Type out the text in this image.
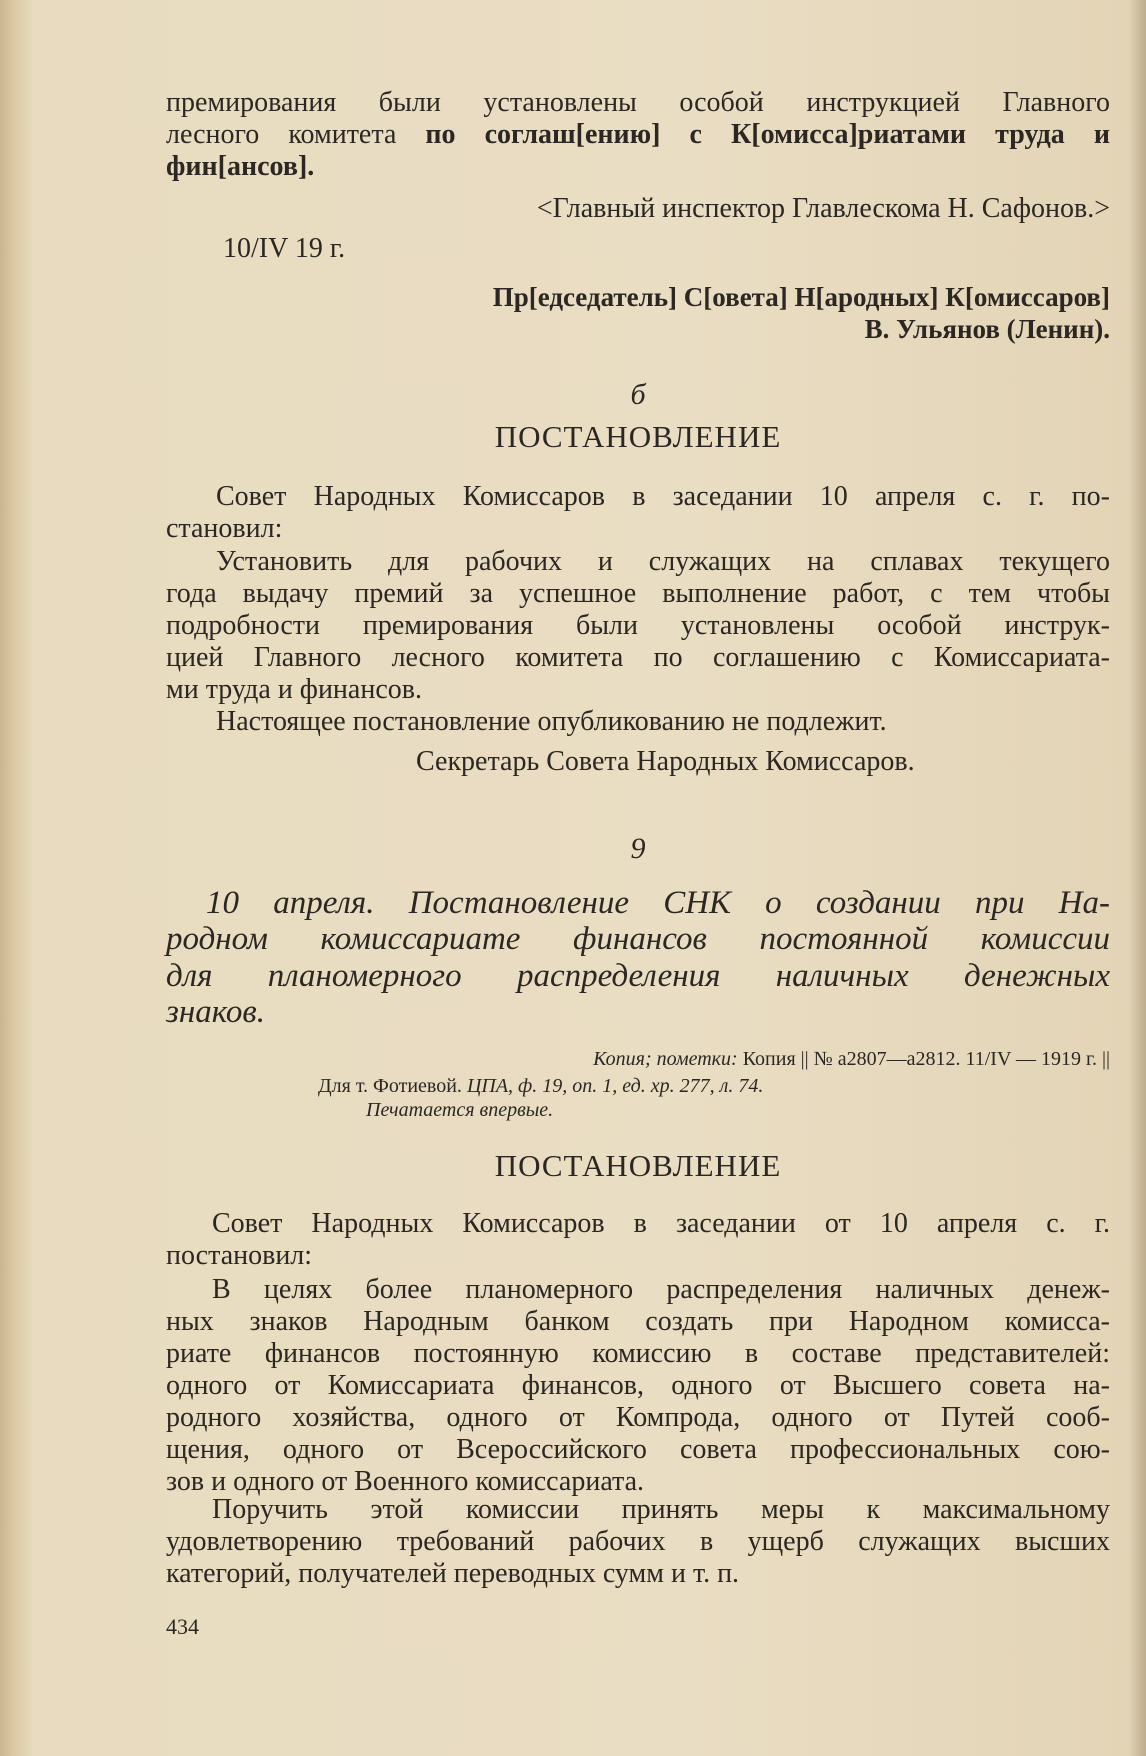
премирования были установлены особой инструкцией Главного
лесного комитета по соглаш[ению] с К[омисса]риатами труда и
фин[ансов].
<Главный инспектор Главлескома Н. Сафонов.>
10/IV 19 г.
Пр[едседатель] С[овета] Н[ародных] К[омиссаров]
В. Ульянов (Ленин).
б
ПОСТАНОВЛЕНИЕ
Совет Народных Комиссаров в заседании 10 апреля с. г. по-
становил:
Установить для рабочих и служащих на сплавах текущего
года выдачу премий за успешное выполнение работ, с тем чтобы
подробности премирования были установлены особой инструк-
цией Главного лесного комитета по соглашению с Комиссариата-
ми труда и финансов.
Настоящее постановление опубликованию не подлежит.
Секретарь Совета Народных Комиссаров.
9
10 апреля. Постановление СНК о создании при На-
родном комиссариате финансов постоянной комиссии
для планомерного распределения наличных денежных
знаков.
Копия; пометки: Копия || № a2807—a2812. 11/IV — 1919 г. ||
Для т. Фотиевой. ЦПА, ф. 19, оп. 1, ед. хр. 277, л. 74.
Печатается впервые.
ПОСТАНОВЛЕНИЕ
Совет Народных Комиссаров в заседании от 10 апреля с. г.
постановил:
В целях более планомерного распределения наличных денеж-
ных знаков Народным банком создать при Народном комисса-
риате финансов постоянную комиссию в составе представителей:
одного от Комиссариата финансов, одного от Высшего совета на-
родного хозяйства, одного от Компрода, одного от Путей сооб-
щения, одного от Всероссийского совета профессиональных сою-
зов и одного от Военного комиссариата.
Поручить этой комиссии принять меры к максимальному
удовлетворению требований рабочих в ущерб служащих высших
категорий, получателей переводных сумм и т. п.
434
